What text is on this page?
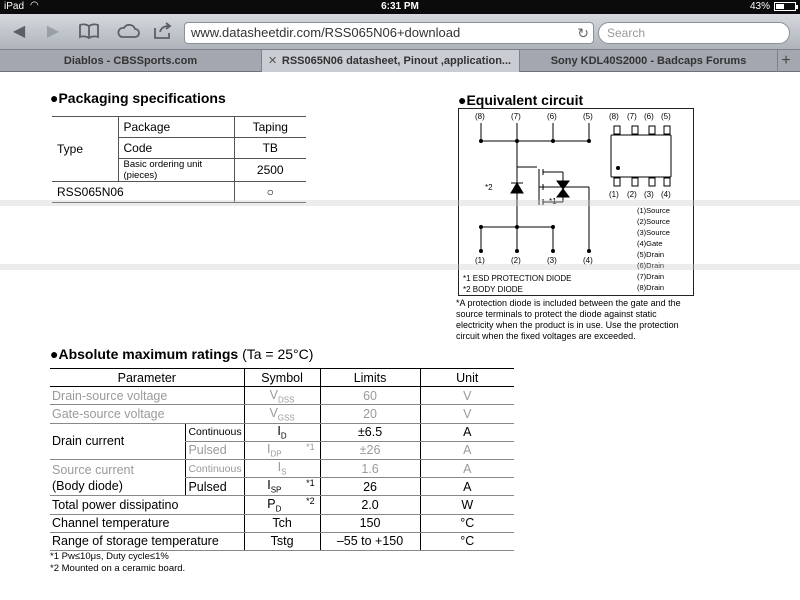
iPad ◠	6:31 PM	43%
◀	▶	www.datasheetdir.com/RSS065N06+download	↻	Search
Diablos - CBSSports.com	✕ RSS065N06 datasheet, Pinout ,application...	Sony KDL40S2000 - Badcaps Forums	+
●Packaging specifications
Type	Package	Taping
	Code	TB
	Basic ordering unit (pieces)	2500
RSS065N06		○
●Equivalent circuit
(8)	(7)	(6)	(5)
(1)	(2)	(3)	(4)
*2
*1
(8) (7) (6) (5)
(1) (2) (3) (4)
(1)Source
(2)Source
(3)Source
(4)Gate
(5)Drain
(6)Drain
(7)Drain
(8)Drain
*1 ESD PROTECTION DIODE
*2 BODY DIODE
*A protection diode is included between the gate and the source terminals to protect the diode against static electricity when the product is in use. Use the protection circuit when the fixed voltages are exceeded.
●Absolute maximum ratings (Ta = 25°C)
Parameter		Symbol		Limits	Unit
Drain-source voltage		$V_{DSS}$		60	V
Gate-source voltage		$V_{GSS}$		20	V
Drain current	Continuous	$I_D$		±6.5	A
	Pulsed	$I_{DP}$	*1	±26	A
Source current
(Body diode)	Continuous	$I_S$		1.6	A
	Pulsed	$I_{SP}$	*1	26	A
Total power dissipatino		$P_D$	*2	2.0	W
Channel temperature		Tch		150	°C
Range of storage temperature		Tstg		–55 to +150	°C
*1 Pw≤10μs, Duty cycle≤1%
*2 Mounted on a ceramic board.
